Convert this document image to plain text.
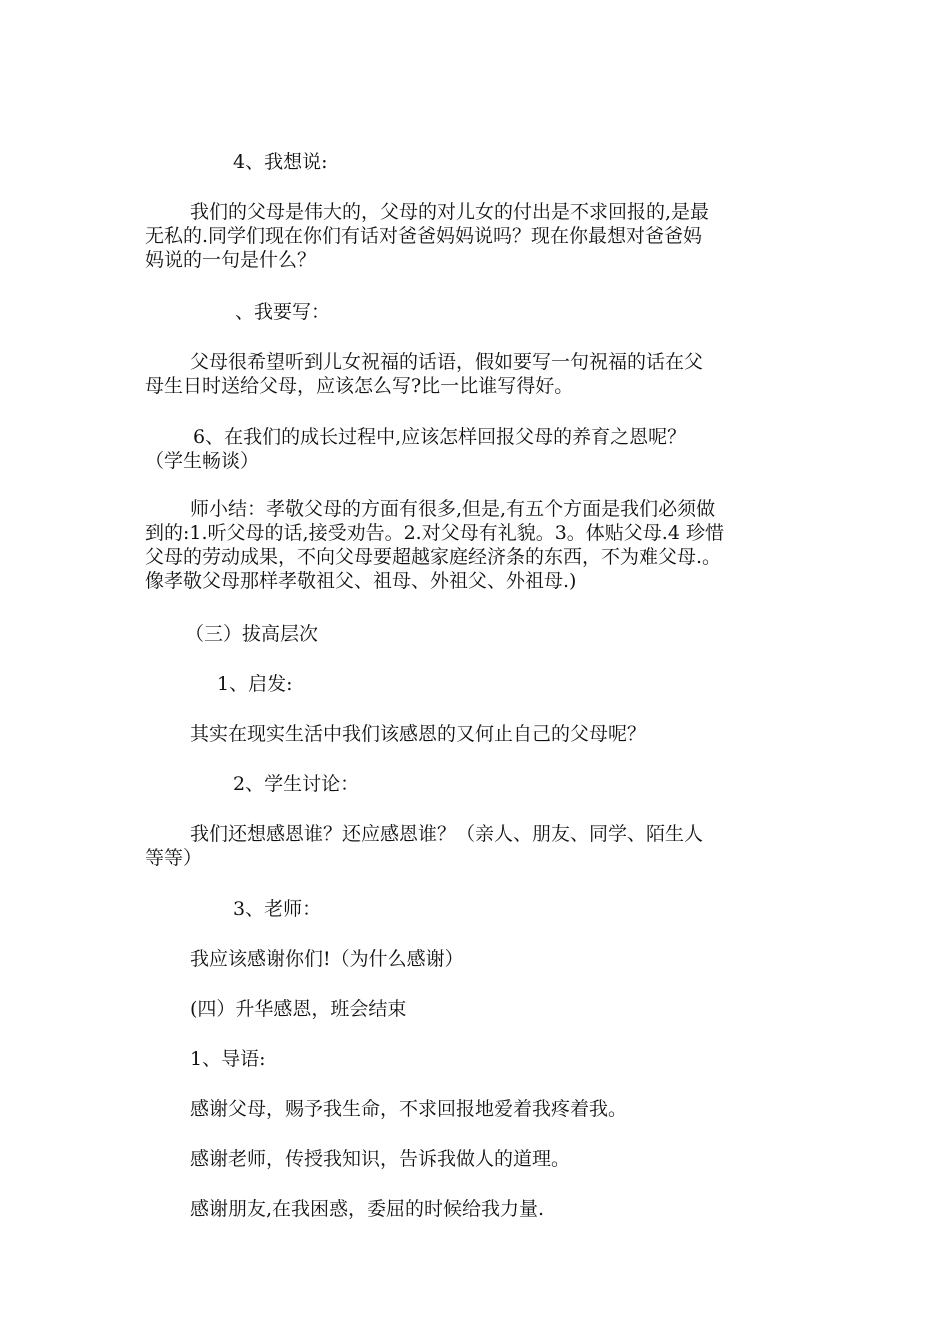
4、我想说:

我们的父母是伟大的，父母的对儿女的付出是不求回报的,是最
无私的.同学们现在你们有话对爸爸妈妈说吗？现在你最想对爸爸妈
妈说的一句是什么？

、我要写：

父母很希望听到儿女祝福的话语，假如要写一句祝福的话在父
母生日时送给父母，应该怎么写?比一比谁写得好。

6、在我们的成长过程中,应该怎样回报父母的养育之恩呢？
（学生畅谈）

师小结：孝敬父母的方面有很多,但是,有五个方面是我们必须做
到的:1.听父母的话,接受劝告。2.对父母有礼貌。3。体贴父母.4 珍惜
父母的劳动成果，不向父母要超越家庭经济条的东西，不为难父母.。
像孝敬父母那样孝敬祖父、祖母、外祖父、外祖母.)

（三）拔高层次

1、启发:

其实在现实生活中我们该感恩的又何止自己的父母呢？

2、学生讨论：

我们还想感恩谁？还应感恩谁？（亲人、朋友、同学、陌生人
等等）

3、老师：

我应该感谢你们!（为什么感谢）

(四）升华感恩，班会结束

1、导语:

感谢父母，赐予我生命，不求回报地爱着我疼着我。

感谢老师，传授我知识，告诉我做人的道理。

感谢朋友,在我困惑，委屈的时候给我力量.
